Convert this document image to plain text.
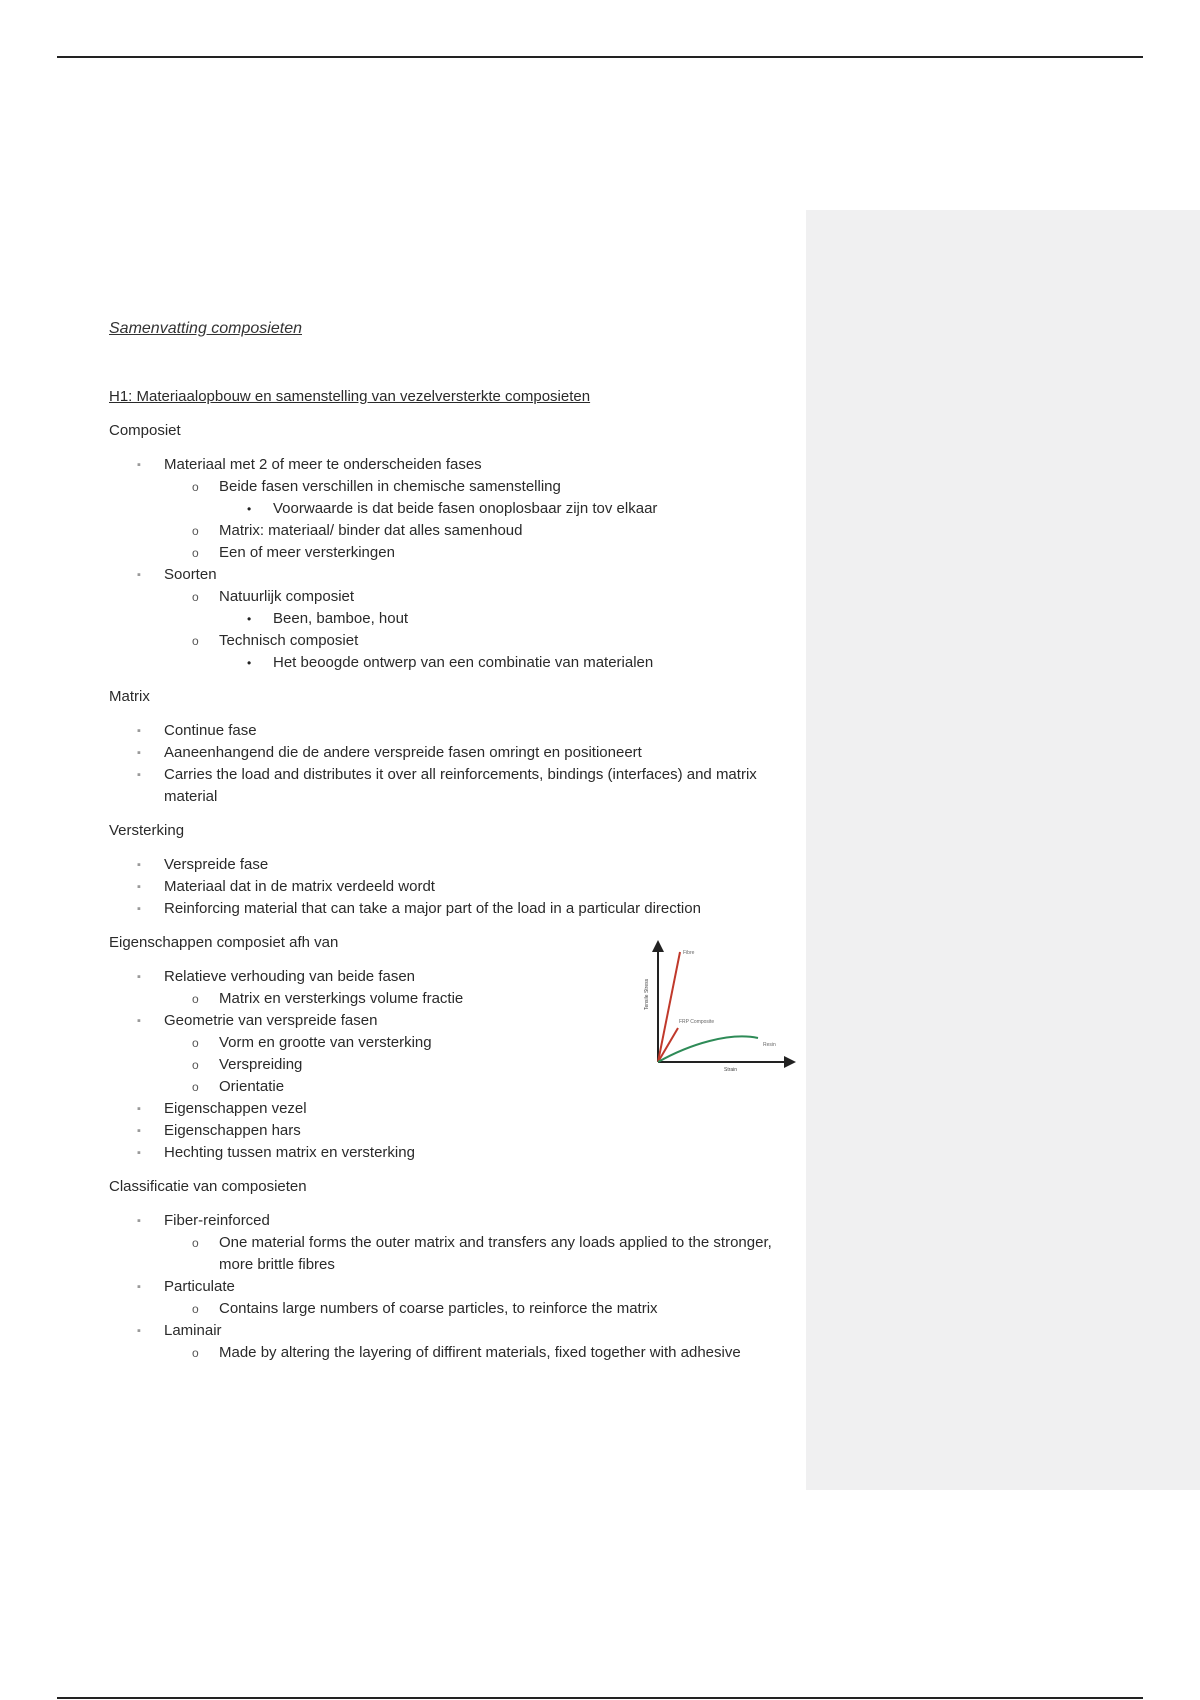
Samenvatting composieten

H1: Materiaalopbouw en samenstelling van vezelversterkte composieten
Composiet
▪ Materiaal met 2 of meer te onderscheiden fases
o Beide fasen verschillen in chemische samenstelling
• Voorwaarde is dat beide fasen onoplosbaar zijn tov elkaar
o Matrix: materiaal/ binder dat alles samenhoud
o Een of meer versterkingen
▪ Soorten
o Natuurlijk composiet
• Been, bamboe, hout
o Technisch composiet
• Het beoogde ontwerp van een combinatie van materialen
Matrix
▪ Continue fase
▪ Aaneenhangend die de andere verspreide fasen omringt en positioneert
▪ Carries the load and distributes it over all reinforcements, bindings (interfaces) and matrix material
Versterking
▪ Verspreide fase
▪ Materiaal dat in de matrix verdeeld wordt
▪ Reinforcing material that can take a major part of the load in a particular direction
Eigenschappen composiet afh van
▪ Relatieve verhouding van beide fasen
o Matrix en versterkings volume fractie
▪ Geometrie van verspreide fasen
o Vorm en grootte van versterking
o Verspreiding
o Orientatie
▪ Eigenschappen vezel
▪ Eigenschappen hars
▪ Hechting tussen matrix en versterking
Classificatie van composieten
▪ Fiber-reinforced
o One material forms the outer matrix and transfers any loads applied to the stronger, more brittle fibres
▪ Particulate
o Contains large numbers of coarse particles, to reinforce the matrix
▪ Laminair
o Made by altering the layering of diffirent materials, fixed together with adhesive
Fibre
FRP Composite
Resin
Strain
Tensile Stress
